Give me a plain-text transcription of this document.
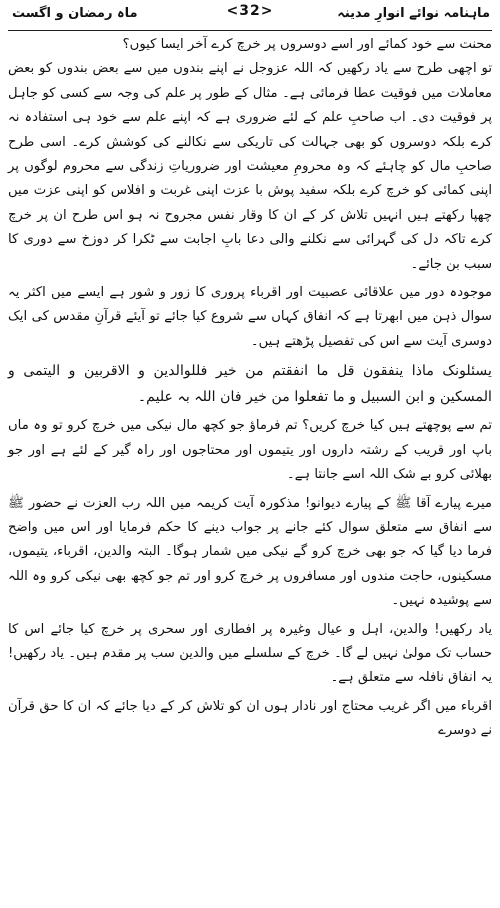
ماہنامہ نوائے انوارِ مدینہ
<32>
ماہ رمضان و اگست

محنت سے خود کمائے اور اسے دوسروں پر خرچ کرے آخر ایسا کیوں؟

تو اچھی طرح سے یاد رکھیں کہ اللہ عزوجل نے اپنے بندوں میں سے بعض بندوں کو بعض معاملات میں فوقیت عطا فرمائی ہے۔ مثال کے طور پر علم کی وجہ سے کسی کو جاہل پر فوقیت دی۔ اب صاحبِ علم کے لئے ضروری ہے کہ اپنے علم سے خود ہی استفادہ نہ کرے بلکہ دوسروں کو بھی جہالت کی تاریکی سے نکالنے کی کوشش کرے۔ اسی طرح صاحبِ مال کو چاہئے کہ وہ محرومِ معیشت اور ضروریاتِ زندگی سے محروم لوگوں پر اپنی کمائی کو خرچ کرے بلکہ سفید پوش با عزت اپنی غربت و افلاس کو اپنی عزت میں چھپا رکھتے ہیں انہیں تلاش کر کے ان کا وقار نفس مجروح نہ ہو اس طرح ان پر خرچ کرے تاکہ دل کی گہرائی سے نکلنے والی دعا بابِ اجابت سے ٹکرا کر دوزخ سے دوری کا سبب بن جائے۔

موجودہ دور میں علاقائی عصبیت اور اقرباء پروری کا زور و شور ہے ایسے میں اکثر یہ سوال ذہن میں ابھرتا ہے کہ انفاق کہاں سے شروع کیا جائے تو آیئے قرآنِ مقدس کی ایک دوسری آیت سے اس کی تفصیل پڑھتے ہیں۔

یسئلونک ماذا ینفقون قل ما انفقتم من خیر فللوالدین و الاقربین و الیتمی و المسکین و ابن السبیل و ما تفعلوا من خیر فان اللہ بہ علیم۔

تم سے پوچھتے ہیں کیا خرچ کریں؟ تم فرماؤ جو کچھ مال نیکی میں خرچ کرو تو وہ ماں باپ اور قریب کے رشتہ داروں اور یتیموں اور محتاجوں اور راہ گیر کے لئے ہے اور جو بھلائی کرو بے شک اللہ اسے جانتا ہے۔

میرے پیارے آقا ﷺ کے پیارے دیوانو! مذکورہ آیت کریمہ میں اللہ رب العزت نے حضور ﷺ سے انفاق سے متعلق سوال کئے جانے پر جواب دینے کا حکم فرمایا اور اس میں واضح فرما دیا گیا کہ جو بھی خرچ کرو گے نیکی میں شمار ہوگا۔ البتہ والدین، اقرباء، یتیموں، مسکینوں، حاجت مندوں اور مسافروں پر خرچ کرو اور تم جو کچھ بھی نیکی کرو وہ اللہ سے پوشیدہ نہیں۔

یاد رکھیں! والدین، اہل و عیال وغیرہ پر افطاری اور سحری پر خرچ کیا جائے اس کا حساب تک مولیٰ نہیں لے گا۔ خرچ کے سلسلے میں والدین سب پر مقدم ہیں۔ یاد رکھیں! یہ انفاق نافلہ سے متعلق ہے۔

اقرباء میں اگر غریب محتاج اور نادار ہوں ان کو تلاش کر کے دیا جائے کہ ان کا حق قرآن نے دوسرے
